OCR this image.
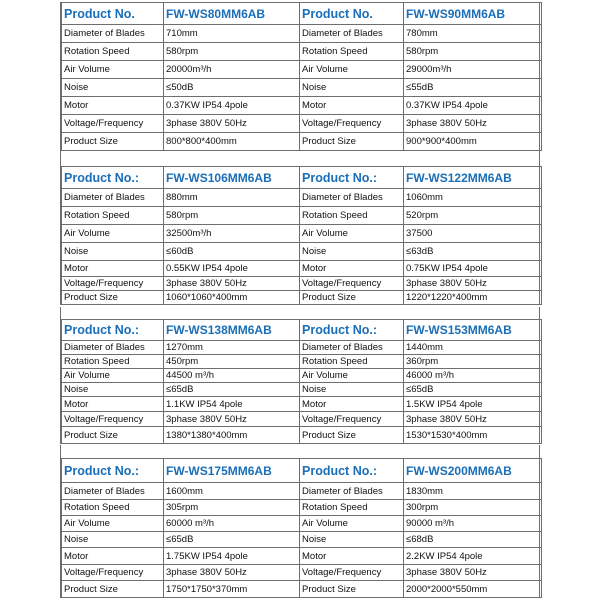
Product No.	FW-WS80MM6AB	Product No.	FW-WS90MM6AB
Diameter of Blades	710mm	Diameter of Blades	780mm
Rotation Speed	580rpm	Rotation Speed	580rpm
Air Volume	20000m³/h	Air Volume	29000m³/h
Noise	≤50dB	Noise	≤55dB
Motor	0.37KW IP54 4pole	Motor	0.37KW IP54 4pole
Voltage/Frequency	3phase 380V 50Hz	Voltage/Frequency	3phase 380V 50Hz
Product Size	800*800*400mm	Product Size	900*900*400mm
Product No.:	FW-WS106MM6AB	Product No.:	FW-WS122MM6AB
Diameter of Blades	880mm	Diameter of Blades	1060mm
Rotation Speed	580rpm	Rotation Speed	520rpm
Air Volume	32500m³/h	Air Volume	37500
Noise	≤60dB	Noise	≤63dB
Motor	0.55KW IP54 4pole	Motor	0.75KW IP54 4pole
Voltage/Frequency	3phase 380V 50Hz	Voltage/Frequency	3phase 380V 50Hz
Product Size	1060*1060*400mm	Product Size	1220*1220*400mm
Product No.:	FW-WS138MM6AB	Product No.:	FW-WS153MM6AB
Diameter of Blades	1270mm	Diameter of Blades	1440mm
Rotation Speed	450rpm	Rotation Speed	360rpm
Air Volume	44500 m³/h	Air Volume	46000 m³/h
Noise	≤65dB	Noise	≤65dB
Motor	1.1KW IP54 4pole	Motor	1.5KW IP54 4pole
Voltage/Frequency	3phase 380V 50Hz	Voltage/Frequency	3phase 380V 50Hz
Product Size	1380*1380*400mm	Product Size	1530*1530*400mm
Product No.:	FW-WS175MM6AB	Product No.:	FW-WS200MM6AB
Diameter of Blades	1600mm	Diameter of Blades	1830mm
Rotation Speed	305rpm	Rotation Speed	300rpm
Air Volume	60000 m³/h	Air Volume	90000 m³/h
Noise	≤65dB	Noise	≤68dB
Motor	1.75KW IP54 4pole	Motor	2.2KW IP54 4pole
Voltage/Frequency	3phase 380V 50Hz	Voltage/Frequency	3phase 380V 50Hz
Product Size	1750*1750*370mm	Product Size	2000*2000*550mm
